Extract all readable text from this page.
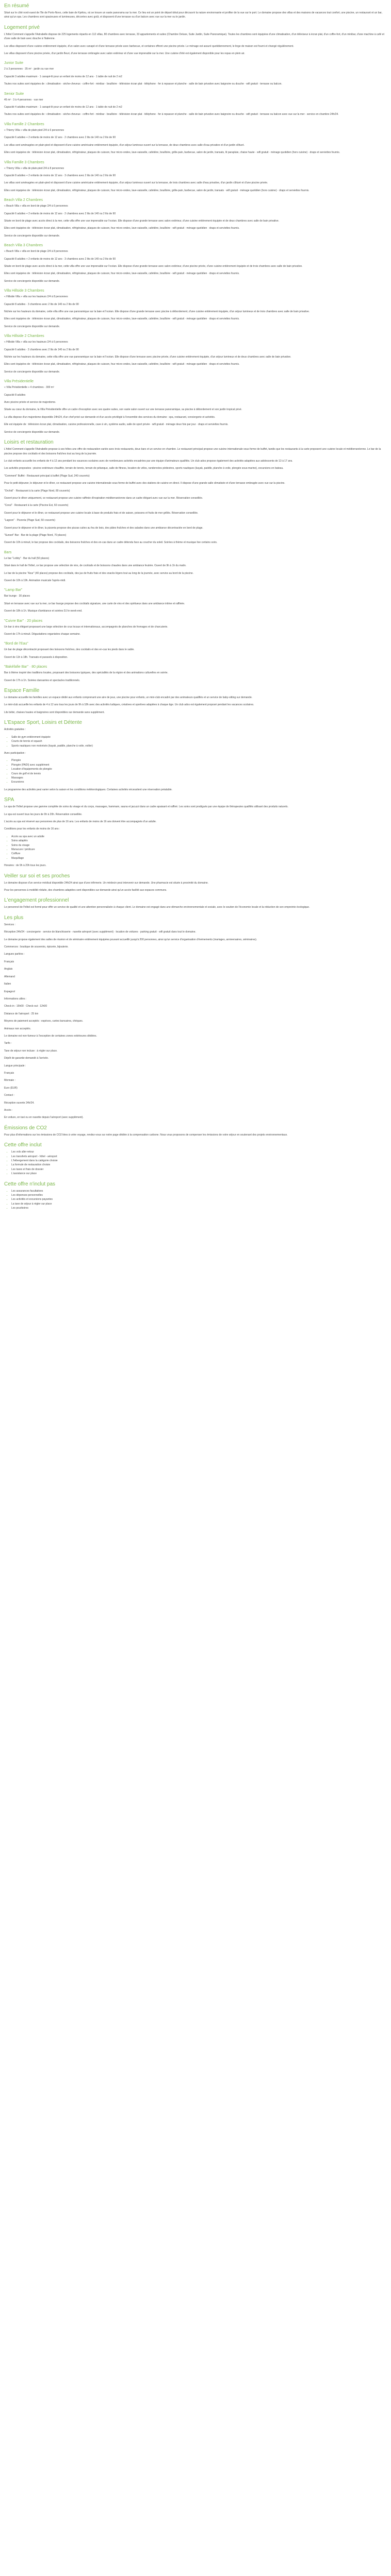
En résumé

Situé sur le côté nord-ouest de l'île de Porto-Novo, cette baie de Kpétou, où se trouve un vaste panorama sur la mer. Ce lieu est un point de départ idéal pour découvrir la nature environnante et profiter de la vue sur le port. Le domaine propose des villas et des maisons de vacances tout confort, une piscine, un restaurant et un bar, ainsi qu'un spa. Les chambres sont spacieuses et lumineuses, décorées avec goût, et disposent d'une terrasse ou d'un balcon avec vue sur la mer ou le jardin.

Logement privé

L'hôtel Comment s'appelle l'Astrabelle dispose de 225 logements répartis en 112 villas, 80 chambres avec terrasse, 33 appartements et suites (Chambre Deluxe, Suite Jardin, Suite Panoramique). Toutes les chambres sont équipées d'une climatisation, d'un téléviseur à écran plat, d'un coffre-fort, d'un minibar, d'une machine à café et d'une salle de bain avec douche à l'italienne.

Les villas disposent d'une cuisine entièrement équipée, d'un salon avec canapé et d'une terrasse privée avec barbecue, et certaines offrent une piscine privée. Le ménage est assuré quotidiennement, le linge de maison est fourni et changé régulièrement.

Les villas disposent d'une piscine privée, d'un jardin fleuri, d'une terrasse ombragée avec salon extérieur et d'une vue imprenable sur la mer. Une cuisine d'été est également disponible pour les repas en plein air.

Junior Suite

2 à 3 personnes · 35 m² · jardin ou vue mer

Capacité 3 adultes maximum · 1 canapé-lit pour un enfant de moins de 12 ans · 1 table de nuit de 2 m2

Toutes nos suites sont équipées de : climatisation · sèche-cheveux · coffre-fort · minibar · bouilloire · télévision écran plat · téléphone · fer à repasser et planche · salle de bain privative avec baignoire ou douche · wifi gratuit · terrasse ou balcon.

Senior Suite

45 m² · 3 à 4 personnes · vue mer

Capacité 4 adultes maximum · 1 canapé-lit pour un enfant de moins de 12 ans · 1 table de nuit de 2 m2

Toutes nos suites sont équipées de : climatisation · sèche-cheveux · coffre-fort · minibar · bouilloire · télévision écran plat · téléphone · fer à repasser et planche · salle de bain privative avec baignoire ou douche · wifi gratuit · terrasse ou balcon avec vue sur la mer · service en chambre 24h/24.

Villa Famille 2 Chambres

« Thierry Villa » villa de plain-pied 2/4 à 6 personnes

Capacité 6 adultes + 2 enfants de moins de 12 ans · 2 chambres avec 2 lits de 140 ou 2 lits de 90

Les villas sont aménagées en plain-pied et disposent d'une cuisine américaine entièrement équipée, d'un séjour lumineux ouvert sur la terrasse, de deux chambres avec salle d'eau privative et d'un jardin clôturé.

Elles sont équipées de : télévision écran plat, climatisation, réfrigérateur, plaques de cuisson, four micro-ondes, lave-vaisselle, cafetière, bouilloire, grille-pain, barbecue, salon de jardin, transats, lit parapluie, chaise haute · wifi gratuit · ménage quotidien (hors cuisine) · draps et serviettes fournis.

Villa Famille 3 Chambres

« Thierry Villa » villa de plain-pied 2/4 à 8 personnes

Capacité 8 adultes + 2 enfants de moins de 12 ans · 3 chambres avec 2 lits de 140 ou 2 lits de 90

Les villas sont aménagées en plain-pied et disposent d'une cuisine américaine entièrement équipée, d'un séjour lumineux ouvert sur la terrasse, de trois chambres avec salle d'eau privative, d'un jardin clôturé et d'une piscine privée.

Elles sont équipées de : télévision écran plat, climatisation, réfrigérateur, plaques de cuisson, four micro-ondes, lave-vaisselle, cafetière, bouilloire, grille-pain, barbecue, salon de jardin, transats · wifi gratuit · ménage quotidien (hors cuisine) · draps et serviettes fournis.

Beach Villa 2 Chambres

« Beach Villa » villa en bord de plage 2/4 à 6 personnes

Capacité 6 adultes + 2 enfants de moins de 12 ans · 2 chambres avec 2 lits de 140 ou 2 lits de 90

Située en bord de plage avec accès direct à la mer, cette villa offre une vue imprenable sur l'océan. Elle dispose d'une grande terrasse avec salon extérieur, d'une cuisine entièrement équipée et de deux chambres avec salle de bain privative.

Elles sont équipées de : télévision écran plat, climatisation, réfrigérateur, plaques de cuisson, four micro-ondes, lave-vaisselle, cafetière, bouilloire · wifi gratuit · ménage quotidien · draps et serviettes fournis.

Service de conciergerie disponible sur demande.

Beach Villa 3 Chambres

« Beach Villa » villa en bord de plage 2/4 à 8 personnes

Capacité 8 adultes + 2 enfants de moins de 12 ans · 3 chambres avec 2 lits de 140 ou 2 lits de 90

Située en bord de plage avec accès direct à la mer, cette villa offre une vue imprenable sur l'océan. Elle dispose d'une grande terrasse avec salon extérieur, d'une piscine privée, d'une cuisine entièrement équipée et de trois chambres avec salle de bain privative.

Elles sont équipées de : télévision écran plat, climatisation, réfrigérateur, plaques de cuisson, four micro-ondes, lave-vaisselle, cafetière, bouilloire · wifi gratuit · ménage quotidien · draps et serviettes fournis.

Service de conciergerie disponible sur demande.

Villa Hillside 3 Chambres

« Hillside Villa » villa sur les hauteurs 2/4 à 8 personnes

Capacité 8 adultes · 3 chambres avec 2 lits de 140 ou 2 lits de 90

Nichée sur les hauteurs du domaine, cette villa offre une vue panoramique sur la baie et l'océan. Elle dispose d'une grande terrasse avec piscine à débordement, d'une cuisine entièrement équipée, d'un séjour lumineux et de trois chambres avec salle de bain privative.

Elles sont équipées de : télévision écran plat, climatisation, réfrigérateur, plaques de cuisson, four micro-ondes, lave-vaisselle, cafetière, bouilloire · wifi gratuit · ménage quotidien · draps et serviettes fournis.

Service de conciergerie disponible sur demande.

Villa Hillside 2 Chambres

« Hillside Villa » villa sur les hauteurs 2/4 à 6 personnes

Capacité 6 adultes · 2 chambres avec 2 lits de 140 ou 2 lits de 90

Nichée sur les hauteurs du domaine, cette villa offre une vue panoramique sur la baie et l'océan. Elle dispose d'une terrasse avec piscine privée, d'une cuisine entièrement équipée, d'un séjour lumineux et de deux chambres avec salle de bain privative.

Elles sont équipées de : télévision écran plat, climatisation, réfrigérateur, plaques de cuisson, four micro-ondes, lave-vaisselle, cafetière, bouilloire · wifi gratuit · ménage quotidien · draps et serviettes fournis.

Service de conciergerie disponible sur demande.

Villa Présidentielle

« Villa Présidentielle » 4 chambres · 300 m²

Capacité 8 adultes

Avec piscine privée et service de majordome.

Située au cœur du domaine, la Villa Présidentielle offre un cadre d'exception avec ses quatre suites, son vaste salon ouvert sur une terrasse panoramique, sa piscine à débordement et son jardin tropical privé.

La villa dispose d'un majordome disponible 24h/24, d'un chef privé sur demande et d'un accès privilégié à l'ensemble des services du domaine : spa, restaurant, conciergerie et activités.

Elle est équipée de : télévision écran plat, climatisation, cuisine professionnelle, cave à vin, système audio, salle de sport privée · wifi gratuit · ménage deux fois par jour · draps et serviettes fournis.

Service de conciergerie disponible sur demande.

Loisirs et restauration

L'hôtel Comment s'appelle l'Astrabelle propose à ses hôtes une offre de restauration variée avec trois restaurants, deux bars et un service en chambre. Le restaurant principal propose une cuisine internationale sous forme de buffet, tandis que les restaurants à la carte proposent une cuisine locale et méditerranéenne. Le bar de la piscine propose des cocktails et des boissons fraîches tout au long de la journée.

Le club enfants accueille les enfants de 4 à 12 ans pendant les vacances scolaires avec de nombreuses activités encadrées par une équipe d'animateurs qualifiés. Un club ados propose également des activités adaptées aux adolescents de 13 à 17 ans.

Les activités proposées : piscine extérieure chauffée, terrain de tennis, terrain de pétanque, salle de fitness, location de vélos, randonnées pédestres, sports nautiques (kayak, paddle, planche à voile, plongée sous-marine), excursions en bateau.

"Comment" Buffet · Restaurant principal à buffet (Plage Sud, 240 couverts)

Pour le petit-déjeuner, le déjeuner et le dîner, ce restaurant propose une cuisine internationale sous forme de buffet avec des stations de cuisine en direct. Il dispose d'une grande salle climatisée et d'une terrasse ombragée avec vue sur la piscine.

"Orchid" · Restaurant à la carte (Plage Nord, 80 couverts)

Ouvert pour le dîner uniquement, ce restaurant propose une cuisine raffinée d'inspiration méditerranéenne dans un cadre élégant avec vue sur la mer. Réservation conseillée.

"Coral" · Restaurant à la carte (Piscine Est, 60 couverts)

Ouvert pour le déjeuner et le dîner, ce restaurant propose une cuisine locale à base de produits frais et de saison, poissons et fruits de mer grillés. Réservation conseillée.

"Lagoon" · Pizzeria (Plage Sud, 50 couverts)

Ouvert pour le déjeuner et le dîner, la pizzeria propose des pizzas cuites au feu de bois, des pâtes fraîches et des salades dans une ambiance décontractée en bord de plage.

"Sunset" Bar · Bar de la plage (Plage Nord, 70 places)

Ouvert de 10h à minuit, le bar propose des cocktails, des boissons fraîches et des en-cas dans un cadre détendu face au coucher du soleil. Soirées à thème et musique live certains soirs.

Bars

Le bar "Lobby" · Bar du hall (50 places)

Situé dans le hall de l'hôtel, ce bar propose une sélection de vins, de cocktails et de boissons chaudes dans une ambiance feutrée. Ouvert de 9h à 1h du matin.

Le bar de la piscine "Azur" (40 places) propose des cocktails, des jus de fruits frais et des snacks légers tout au long de la journée, avec service au bord de la piscine.

Ouvert de 10h à 19h. Animation musicale l'après-midi.

"Lamp Bar"

Bar lounge · 30 places

Situé en terrasse avec vue sur la mer, ce bar lounge propose des cocktails signature, une carte de vins et des spiritueux dans une ambiance intime et raffinée.

Ouvert de 18h à 1h. Musique d'ambiance et soirées DJ le week-end.

"Cuivre Bar" · 20 places

Un bar à vins élégant proposant une large sélection de crus locaux et internationaux, accompagnés de planches de fromages et de charcuterie.

Ouvert de 17h à minuit. Dégustations organisées chaque semaine.

"Bord de l'Eau"

Un bar de plage décontracté proposant des boissons fraîches, des cocktails et des en-cas les pieds dans le sable.

Ouvert de 11h à 18h. Transats et parasols à disposition.

"Bakéfafie Bar" · 80 places

Bar à thème inspiré des traditions locales, proposant des boissons typiques, des spécialités de la région et des animations culturelles en soirée.

Ouvert de 17h à 1h. Soirées dansantes et spectacles traditionnels.

Espace Famille

Le domaine accueille les familles avec un espace dédié aux enfants comprenant une aire de jeux, une piscine pour enfants, un mini-club encadré par des animateurs qualifiés et un service de baby-sitting sur demande.

Le mini-club accueille les enfants de 4 à 12 ans tous les jours de 9h à 18h avec des activités ludiques, créatives et sportives adaptées à chaque âge. Un club ados est également proposé pendant les vacances scolaires.

Lits bébé, chaises hautes et baignoires sont disponibles sur demande sans supplément.

L'Espace Sport, Loisirs et Détente

Activités gratuites :

• Salle de gym entièrement équipée
• Courts de tennis et squash
• Sports nautiques non motorisés (kayak, paddle, planche à voile, voilier)

Avec participation :

• Plongée
• Plongée (PADI) avec supplément
• Location d'équipements de plongée
• Cours de golf et de tennis
• Massages
• Excursions

Le programme des activités peut varier selon la saison et les conditions météorologiques. Certaines activités nécessitent une réservation préalable.

SPA

Le spa de l'hôtel propose une gamme complète de soins du visage et du corps, massages, hammam, sauna et jacuzzi dans un cadre apaisant et raffiné. Les soins sont prodigués par une équipe de thérapeutes qualifiés utilisant des produits naturels.

Le spa est ouvert tous les jours de 9h à 20h. Réservation conseillée.

L'accès au spa est réservé aux personnes de plus de 16 ans. Les enfants de moins de 16 ans doivent être accompagnés d'un adulte.

Conditions pour les enfants de moins de 16 ans :

• Accès au spa avec un adulte
• Soins adaptés
• Soins du visage
• Manucure / pédicure
• Coiffure
• Maquillage

Horaires : de 9h à 20h tous les jours.

Veiller sur soi et ses proches

Le domaine dispose d'un service médical disponible 24h/24 ainsi que d'une infirmerie. Un médecin peut intervenir sur demande. Une pharmacie est située à proximité du domaine.

Pour les personnes à mobilité réduite, des chambres adaptées sont disponibles sur demande ainsi qu'un accès facilité aux espaces communs.

L'engagement professionnel

Le personnel de l'hôtel est formé pour offrir un service de qualité et une attention personnalisée à chaque client. Le domaine est engagé dans une démarche environnementale et sociale, avec le soutien de l'économie locale et la réduction de son empreinte écologique.

Les plus

Services :

Réception 24h/24 · conciergerie · service de blanchisserie · navette aéroport (avec supplément) · location de voitures · parking gratuit · wifi gratuit dans tout le domaine.

Le domaine propose également des salles de réunion et de séminaire entièrement équipées pouvant accueillir jusqu'à 200 personnes, ainsi qu'un service d'organisation d'événements (mariages, anniversaires, séminaires).

Commerces : boutique de souvenirs, épicerie, bijouterie.

Langues parlées :

Français

Anglais

Allemand

Italien

Espagnol

Informations utiles :

Check-in : 15h00 · Check-out : 12h00

Distance de l'aéroport : 25 km

Moyens de paiement acceptés : espèces, cartes bancaires, chèques.

Animaux non acceptés.

Le domaine est non-fumeur à l'exception de certaines zones extérieures dédiées.

Tarifs :

Taxe de séjour non incluse : à régler sur place.

Dépôt de garantie demandé à l'arrivée.

Langue principale :

Français

Monnaie :

Euro (EUR)

Contact :

Réception ouverte 24h/24.

Accès :

En voiture, en taxi ou en navette depuis l'aéroport (avec supplément).

Émissions de CO2

Pour plus d'informations sur les émissions de CO2 liées à votre voyage, rendez-vous sur notre page dédiée à la compensation carbone. Nous vous proposons de compenser les émissions de votre séjour en soutenant des projets environnementaux.

Cette offre inclut
• Les vols aller-retour
• Les transferts aéroport - hôtel - aéroport
• L'hébergement dans la catégorie choisie
• La formule de restauration choisie
• Les taxes et frais de dossier
• L'assistance sur place
Cette offre n'inclut pas
• Les assurances facultatives
• Les dépenses personnelles
• Les activités et excursions payantes
• La taxe de séjour à régler sur place
• Les pourboires
